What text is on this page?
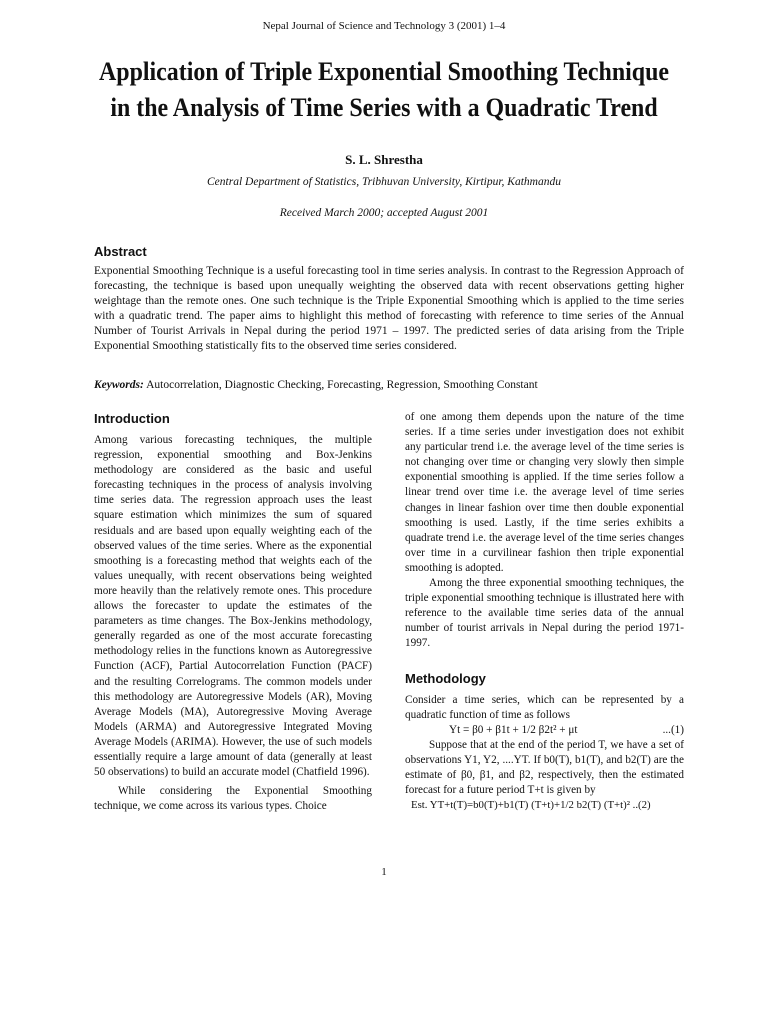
Nepal Journal of Science and Technology 3 (2001) 1–4
Application of Triple Exponential Smoothing Technique
in the Analysis of Time Series with a Quadratic Trend
S. L. Shrestha
Central Department of Statistics, Tribhuvan University, Kirtipur, Kathmandu
Received March 2000; accepted August 2001
Abstract
Exponential Smoothing Technique is a useful forecasting tool in time series analysis. In contrast to the Regression Approach of forecasting, the technique is based upon unequally weighting the observed data with recent observations getting higher weightage than the remote ones. One such technique is the Triple Exponential Smoothing which is applied to the time series with a quadratic trend. The paper aims to highlight this method of forecasting with reference to time series of the Annual Number of Tourist Arrivals in Nepal during the period 1971 – 1997. The predicted series of data arising from the Triple Exponential Smoothing statistically fits to the observed time series considered.
Keywords: Autocorrelation, Diagnostic Checking, Forecasting, Regression, Smoothing Constant
Introduction

Among various forecasting techniques, the multiple regression, exponential smoothing and Box-Jenkins methodology are considered as the basic and useful forecasting techniques in the process of analysis involving time series data. The regression approach uses the least square estimation which minimizes the sum of squared residuals and are based upon equally weighting each of the observed values of the time series. Where as the exponential smoothing is a forecasting method that weights each of the values unequally, with recent observations being weighted more heavily than the relatively remote ones. This procedure allows the forecaster to update the estimates of the parameters as time changes. The Box-Jenkins methodology, generally regarded as one of the most accurate forecasting methodology relies in the functions known as Autoregressive Function (ACF), Partial Autocorrelation Function (PACF) and the resulting Correlograms. The common models under this methodology are Autoregressive Models (AR), Moving Average Models (MA), Autoregressive Moving Average Models (ARMA) and Autoregressive Integrated Moving Average Models (ARIMA). However, the use of such models essentially require a large amount of data (generally at least 50 observations) to build an accurate model (Chatfield 1996).

While considering the Exponential Smoothing technique, we come across its various types. Choice

of one among them depends upon the nature of the time series. If a time series under investigation does not exhibit any particular trend i.e. the average level of the time series is not changing over time or changing very slowly then simple exponential smoothing is applied. If the time series follow a linear trend over time i.e. the average level of time series changes in linear fashion over time then double exponential smoothing is used. Lastly, if the time series exhibits a quadrate trend i.e. the average level of the time series changes over time in a curvilinear fashion then triple exponential smoothing is adopted.

Among the three exponential smoothing techniques, the triple exponential smoothing technique is illustrated here with reference to the available time series data of the annual number of tourist arrivals in Nepal during the period 1971-1997.

Methodology

Consider a time series, which can be represented by a quadratic function of time as follows

Yt = β0 + β1t + 1/2 β2t² + μt	...(1)

Suppose that at the end of the period T, we have a set of observations Y1, Y2, ....YT. If b0(T), b1(T), and b2(T) are the estimate of β0, β1, and β2, respectively, then the estimated forecast for a future period T+t is given by

Est. YT+t(T)=b0(T)+b1(T) (T+t)+1/2 b2(T) (T+t)² ..(2)
1
